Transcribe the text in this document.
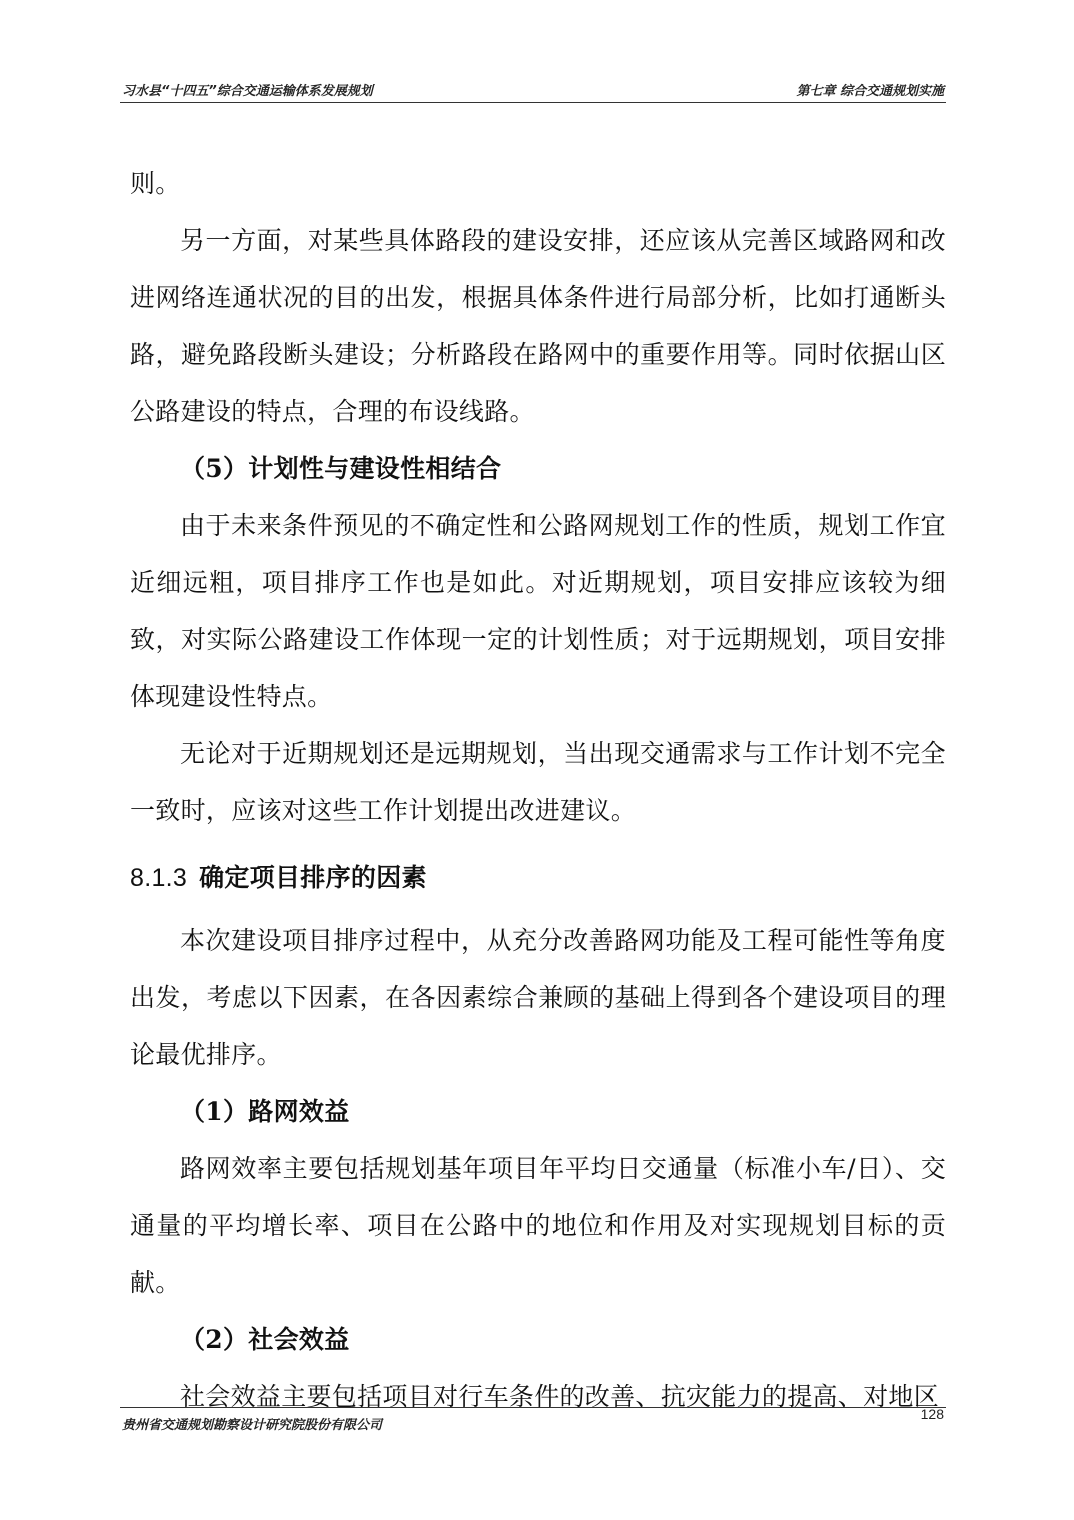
习水县“十四五”综合交通运输体系发展规划	第七章 综合交通规划实施

则。

另一方面，对某些具体路段的建设安排，还应该从完善区域路网和改进网络连通状况的目的出发，根据具体条件进行局部分析，比如打通断头路，避免路段断头建设；分析路段在路网中的重要作用等。同时依据山区公路建设的特点，合理的布设线路。

（5）计划性与建设性相结合

由于未来条件预见的不确定性和公路网规划工作的性质，规划工作宜近细远粗，项目排序工作也是如此。对近期规划，项目安排应该较为细致，对实际公路建设工作体现一定的计划性质；对于远期规划，项目安排体现建设性特点。

无论对于近期规划还是远期规划，当出现交通需求与工作计划不完全一致时，应该对这些工作计划提出改进建议。

8.1.3 确定项目排序的因素

本次建设项目排序过程中，从充分改善路网功能及工程可能性等角度出发，考虑以下因素，在各因素综合兼顾的基础上得到各个建设项目的理论最优排序。

（1）路网效益

路网效率主要包括规划基年项目年平均日交通量（标准小车/日）、交通量的平均增长率、项目在公路中的地位和作用及对实现规划目标的贡献。

（2）社会效益

社会效益主要包括项目对行车条件的改善、抗灾能力的提高、对地区

贵州省交通规划勘察设计研究院股份有限公司
128
